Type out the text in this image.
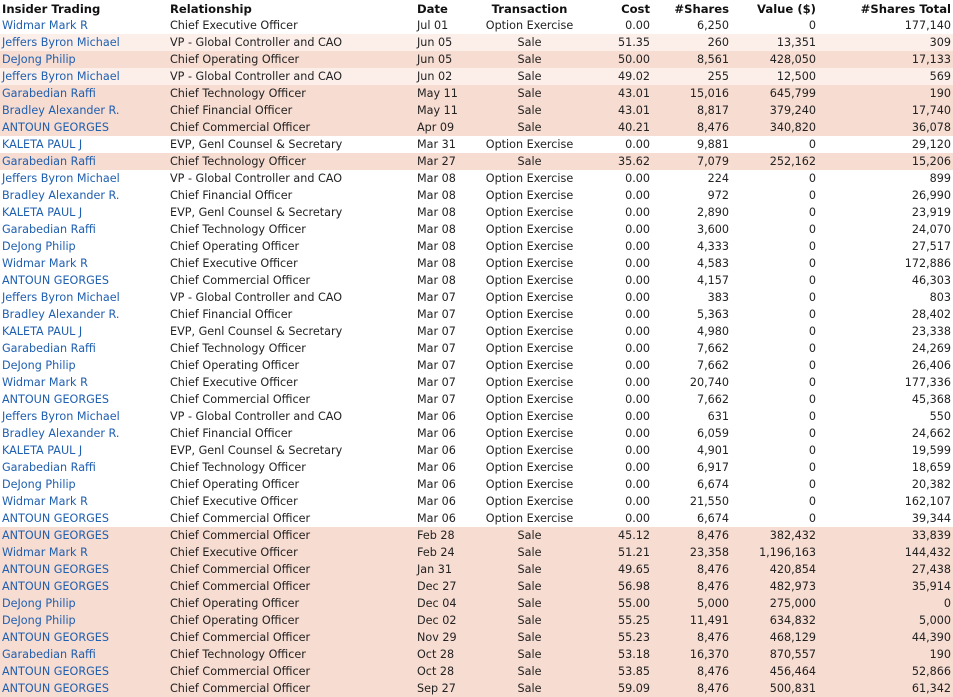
Insider Trading	Relationship	Date	Transaction	Cost	#Shares	Value ($)	#Shares Total
Widmar Mark R	Chief Executive Officer	Jul 01	Option Exercise	0.00	6,250	0	177,140
Jeffers Byron Michael	VP - Global Controller and CAO	Jun 05	Sale	51.35	260	13,351	309
DeJong Philip	Chief Operating Officer	Jun 05	Sale	50.00	8,561	428,050	17,133
Jeffers Byron Michael	VP - Global Controller and CAO	Jun 02	Sale	49.02	255	12,500	569
Garabedian Raffi	Chief Technology Officer	May 11	Sale	43.01	15,016	645,799	190
Bradley Alexander R.	Chief Financial Officer	May 11	Sale	43.01	8,817	379,240	17,740
ANTOUN GEORGES	Chief Commercial Officer	Apr 09	Sale	40.21	8,476	340,820	36,078
KALETA PAUL J	EVP, Genl Counsel & Secretary	Mar 31	Option Exercise	0.00	9,881	0	29,120
Garabedian Raffi	Chief Technology Officer	Mar 27	Sale	35.62	7,079	252,162	15,206
Jeffers Byron Michael	VP - Global Controller and CAO	Mar 08	Option Exercise	0.00	224	0	899
Bradley Alexander R.	Chief Financial Officer	Mar 08	Option Exercise	0.00	972	0	26,990
KALETA PAUL J	EVP, Genl Counsel & Secretary	Mar 08	Option Exercise	0.00	2,890	0	23,919
Garabedian Raffi	Chief Technology Officer	Mar 08	Option Exercise	0.00	3,600	0	24,070
DeJong Philip	Chief Operating Officer	Mar 08	Option Exercise	0.00	4,333	0	27,517
Widmar Mark R	Chief Executive Officer	Mar 08	Option Exercise	0.00	4,583	0	172,886
ANTOUN GEORGES	Chief Commercial Officer	Mar 08	Option Exercise	0.00	4,157	0	46,303
Jeffers Byron Michael	VP - Global Controller and CAO	Mar 07	Option Exercise	0.00	383	0	803
Bradley Alexander R.	Chief Financial Officer	Mar 07	Option Exercise	0.00	5,363	0	28,402
KALETA PAUL J	EVP, Genl Counsel & Secretary	Mar 07	Option Exercise	0.00	4,980	0	23,338
Garabedian Raffi	Chief Technology Officer	Mar 07	Option Exercise	0.00	7,662	0	24,269
DeJong Philip	Chief Operating Officer	Mar 07	Option Exercise	0.00	7,662	0	26,406
Widmar Mark R	Chief Executive Officer	Mar 07	Option Exercise	0.00	20,740	0	177,336
ANTOUN GEORGES	Chief Commercial Officer	Mar 07	Option Exercise	0.00	7,662	0	45,368
Jeffers Byron Michael	VP - Global Controller and CAO	Mar 06	Option Exercise	0.00	631	0	550
Bradley Alexander R.	Chief Financial Officer	Mar 06	Option Exercise	0.00	6,059	0	24,662
KALETA PAUL J	EVP, Genl Counsel & Secretary	Mar 06	Option Exercise	0.00	4,901	0	19,599
Garabedian Raffi	Chief Technology Officer	Mar 06	Option Exercise	0.00	6,917	0	18,659
DeJong Philip	Chief Operating Officer	Mar 06	Option Exercise	0.00	6,674	0	20,382
Widmar Mark R	Chief Executive Officer	Mar 06	Option Exercise	0.00	21,550	0	162,107
ANTOUN GEORGES	Chief Commercial Officer	Mar 06	Option Exercise	0.00	6,674	0	39,344
ANTOUN GEORGES	Chief Commercial Officer	Feb 28	Sale	45.12	8,476	382,432	33,839
Widmar Mark R	Chief Executive Officer	Feb 24	Sale	51.21	23,358	1,196,163	144,432
ANTOUN GEORGES	Chief Commercial Officer	Jan 31	Sale	49.65	8,476	420,854	27,438
ANTOUN GEORGES	Chief Commercial Officer	Dec 27	Sale	56.98	8,476	482,973	35,914
DeJong Philip	Chief Operating Officer	Dec 04	Sale	55.00	5,000	275,000	0
DeJong Philip	Chief Operating Officer	Dec 02	Sale	55.25	11,491	634,832	5,000
ANTOUN GEORGES	Chief Commercial Officer	Nov 29	Sale	55.23	8,476	468,129	44,390
Garabedian Raffi	Chief Technology Officer	Oct 28	Sale	53.18	16,370	870,557	190
ANTOUN GEORGES	Chief Commercial Officer	Oct 28	Sale	53.85	8,476	456,464	52,866
ANTOUN GEORGES	Chief Commercial Officer	Sep 27	Sale	59.09	8,476	500,831	61,342
